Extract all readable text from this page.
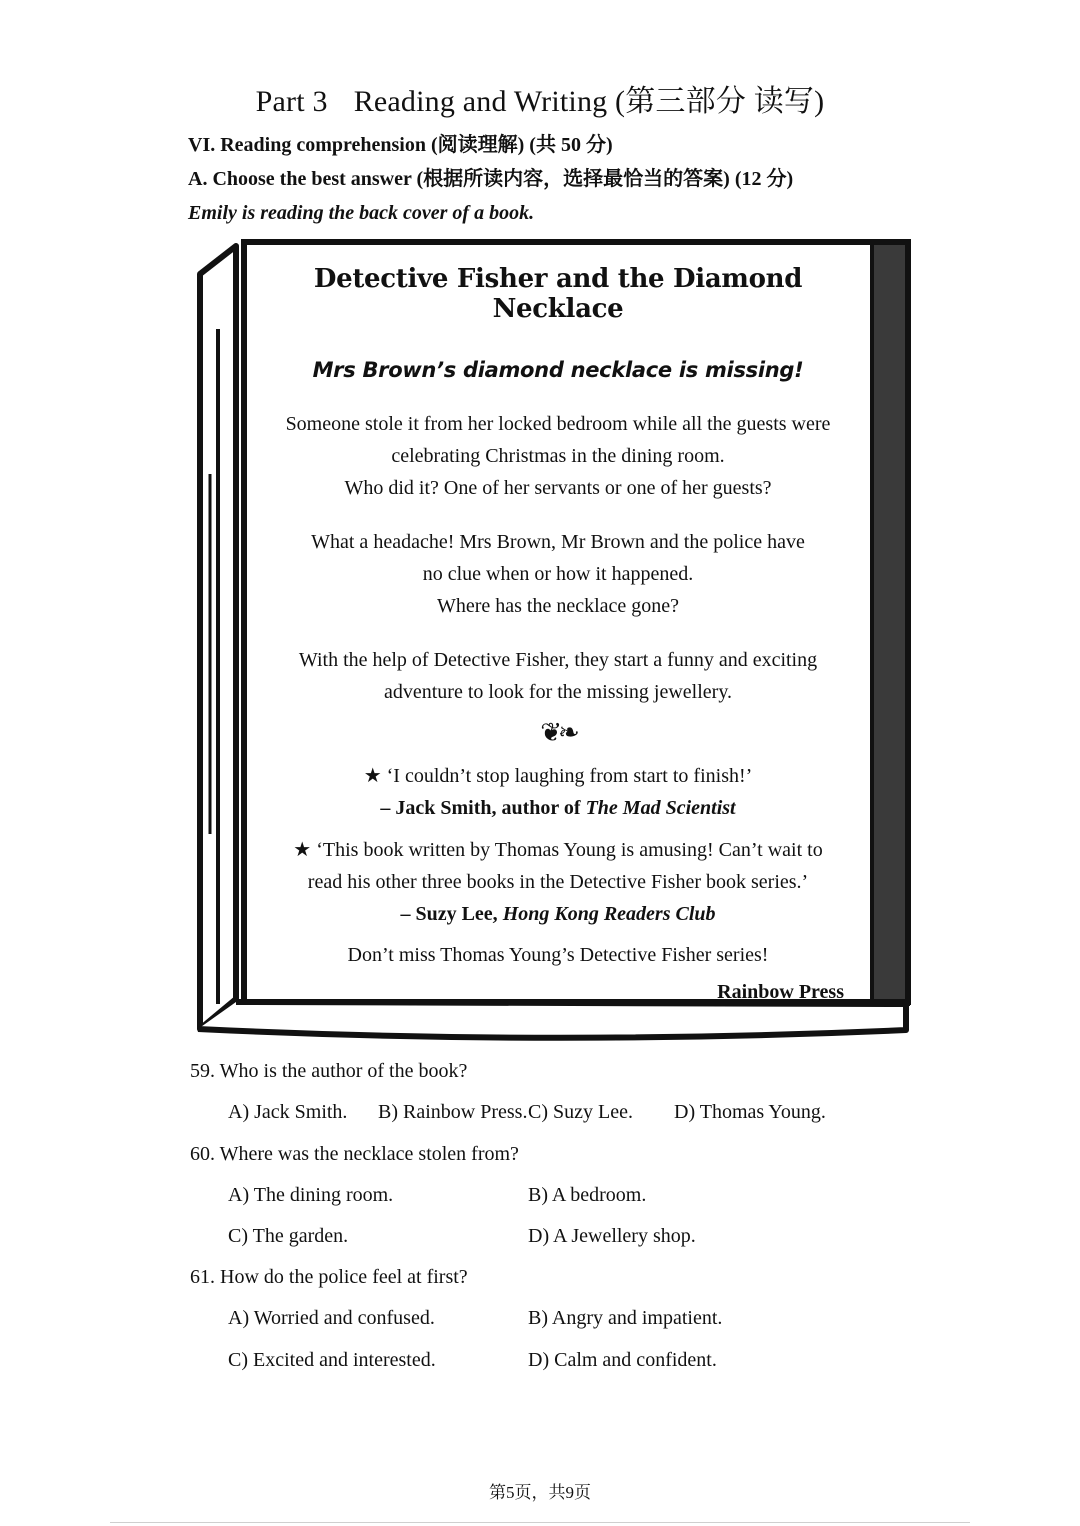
Part 3 Reading and Writing (第三部分 读写)
VI. Reading comprehension (阅读理解) (共 50 分)
A. Choose the best answer (根据所读内容，选择最恰当的答案) (12 分)
Emily is reading the back cover of a book.
Detective Fisher and the Diamond Necklace
Mrs Brown’s diamond necklace is missing!
Someone stole it from her locked bedroom while all the guests were
celebrating Christmas in the dining room.
Who did it? One of her servants or one of her guests?
What a headache! Mrs Brown, Mr Brown and the police have
no clue when or how it happened.
Where has the necklace gone?
With the help of Detective Fisher, they start a funny and exciting
adventure to look for the missing jewellery.
❦❧
★ ‘I couldn’t stop laughing from start to finish!’
– Jack Smith, author of The Mad Scientist
★ ‘This book written by Thomas Young is amusing! Can’t wait to
read his other three books in the Detective Fisher book series.’
– Suzy Lee, Hong Kong Readers Club
Don’t miss Thomas Young’s Detective Fisher series!
Rainbow Press
59. Who is the author of the book?
A) Jack Smith. B) Rainbow Press. C) Suzy Lee. D) Thomas Young.
60. Where was the necklace stolen from?
A) The dining room.	B) A bedroom.
C) The garden.	D) A Jewellery shop.
61. How do the police feel at first?
A) Worried and confused.	B) Angry and impatient.
C) Excited and interested.	D) Calm and confident.
第5页，共9页
